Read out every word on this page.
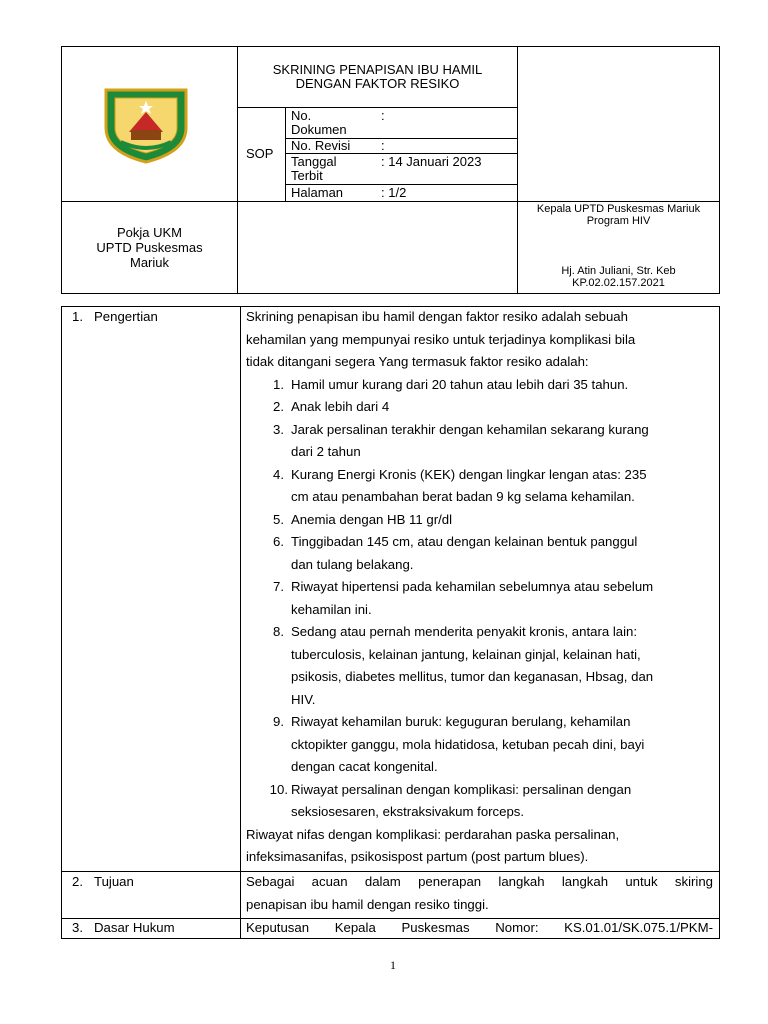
SKRINING PENAPISAN IBU HAMIL
DENGAN FAKTOR RESIKO
SOP
No.
Dokumen
:
No. Revisi :
Tanggal
Terbit
: 14 Januari 2023
Halaman	: 1/2
Pokja UKM
UPTD Puskesmas
Mariuk
Kepala UPTD Puskesmas Mariuk
Program HIV
Hj. Atin Juliani, Str. Keb
KP.02.02.157.2021
1. Pengertian
2. Tujuan
3. Dasar Hukum
Skrining penapisan ibu hamil dengan faktor resiko adalah sebuah
kehamilan yang mempunyai resiko untuk terjadinya komplikasi bila
tidak ditangani segera Yang termasuk faktor resiko adalah:
1. Hamil umur kurang dari 20 tahun atau lebih dari 35 tahun.
2. Anak lebih dari 4
3. Jarak persalinan terakhir dengan kehamilan sekarang kurang
dari 2 tahun
4. Kurang Energi Kronis (KEK) dengan lingkar lengan atas: 235
cm atau penambahan berat badan 9 kg selama kehamilan.
5. Anemia dengan HB 11 gr/dl
6. Tinggibadan 145 cm, atau dengan kelainan bentuk panggul
dan tulang belakang.
7. Riwayat hipertensi pada kehamilan sebelumnya atau sebelum
kehamilan ini.
8. Sedang atau pernah menderita penyakit kronis, antara lain:
tuberculosis, kelainan jantung, kelainan ginjal, kelainan hati,
psikosis, diabetes mellitus, tumor dan keganasan, Hbsag, dan
HIV.
9. Riwayat kehamilan buruk: keguguran berulang, kehamilan
cktopikter ganggu, mola hidatidosa, ketuban pecah dini, bayi
dengan cacat kongenital.
10. Riwayat persalinan dengan komplikasi: persalinan dengan
seksiosesaren, ekstraksivakum forceps.
Riwayat nifas dengan komplikasi: perdarahan paska persalinan,
infeksimasanifas, psikosispost partum (post partum blues).
Sebagai acuan dalam penerapan langkah langkah untuk skiring
penapisan ibu hamil dengan resiko tinggi.
Keputusan Kepala Puskesmas Nomor: KS.01.01/SK.075.1/PKM-
1
